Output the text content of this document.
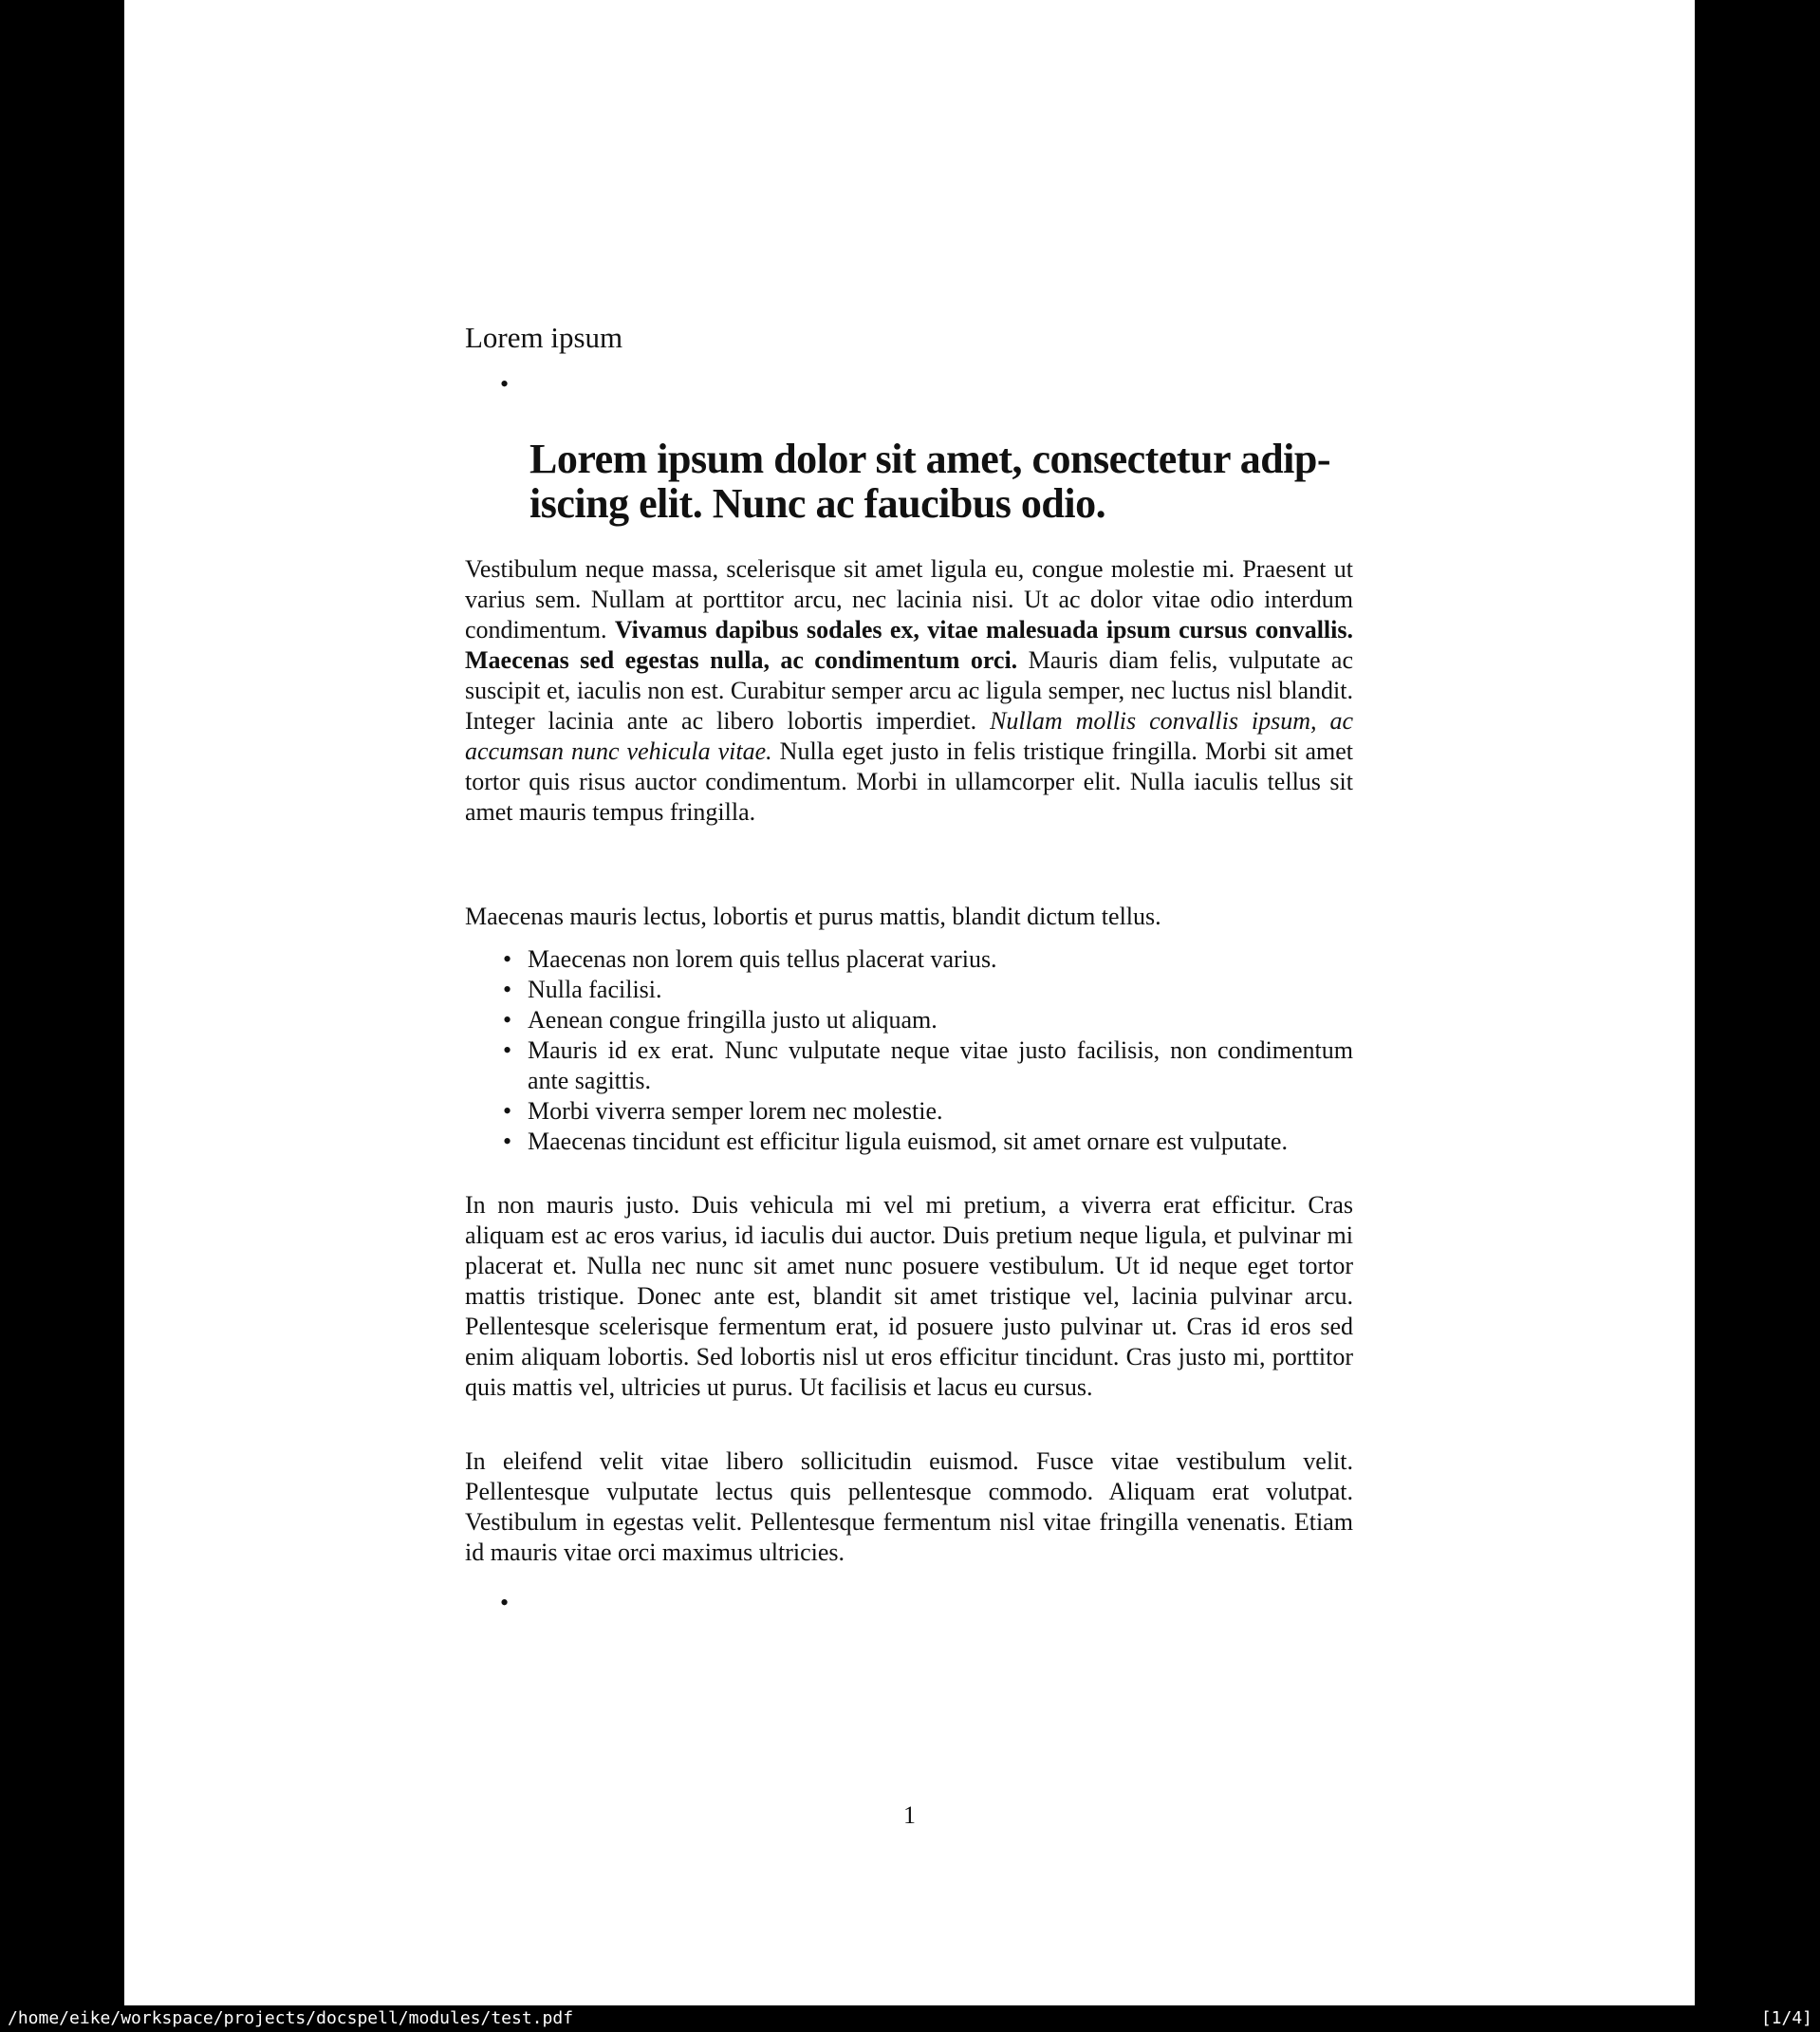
Lorem ipsum
•
Lorem ipsum dolor sit amet, consectetur adip-
iscing elit. Nunc ac faucibus odio.
Vestibulum neque massa, scelerisque sit amet ligula eu, congue molestie mi. Praesent ut varius sem. Nullam at porttitor arcu, nec lacinia nisi. Ut ac dolor vitae odio interdum condimentum. Vivamus dapibus sodales ex, vitae malesuada ipsum cursus convallis. Maecenas sed egestas nulla, ac condimentum orci. Mauris diam felis, vulputate ac suscipit et, iaculis non est. Curabitur semper arcu ac ligula semper, nec luctus nisl blandit. Integer lacinia ante ac libero lobortis imperdiet. Nullam mollis convallis ipsum, ac accumsan nunc vehicula vitae. Nulla eget justo in felis tristique fringilla. Morbi sit amet tortor quis risus auctor condimentum. Morbi in ullamcorper elit. Nulla iaculis tellus sit amet mauris tempus fringilla.
Maecenas mauris lectus, lobortis et purus mattis, blandit dictum tellus.
• Maecenas non lorem quis tellus placerat varius.
• Nulla facilisi.
• Aenean congue fringilla justo ut aliquam.
• Mauris id ex erat. Nunc vulputate neque vitae justo facilisis, non condimentum ante sagittis.
• Morbi viverra semper lorem nec molestie.
• Maecenas tincidunt est efficitur ligula euismod, sit amet ornare est vulputate.
In non mauris justo. Duis vehicula mi vel mi pretium, a viverra erat efficitur. Cras aliquam est ac eros varius, id iaculis dui auctor. Duis pretium neque ligula, et pulvinar mi placerat et. Nulla nec nunc sit amet nunc posuere vestibulum. Ut id neque eget tortor mattis tristique. Donec ante est, blandit sit amet tristique vel, lacinia pulvinar arcu. Pellentesque scelerisque fermentum erat, id posuere justo pulvinar ut. Cras id eros sed enim aliquam lobortis. Sed lobortis nisl ut eros efficitur tincidunt. Cras justo mi, porttitor quis mattis vel, ultricies ut purus. Ut facilisis et lacus eu cursus.
In eleifend velit vitae libero sollicitudin euismod. Fusce vitae vestibulum velit. Pellentesque vulputate lectus quis pellentesque commodo. Aliquam erat volutpat. Vestibulum in egestas velit. Pellentesque fermentum nisl vitae fringilla venenatis. Etiam id mauris vitae orci maximus ultricies.
•
1
/home/eike/workspace/projects/docspell/modules/test.pdf	[1/4]
